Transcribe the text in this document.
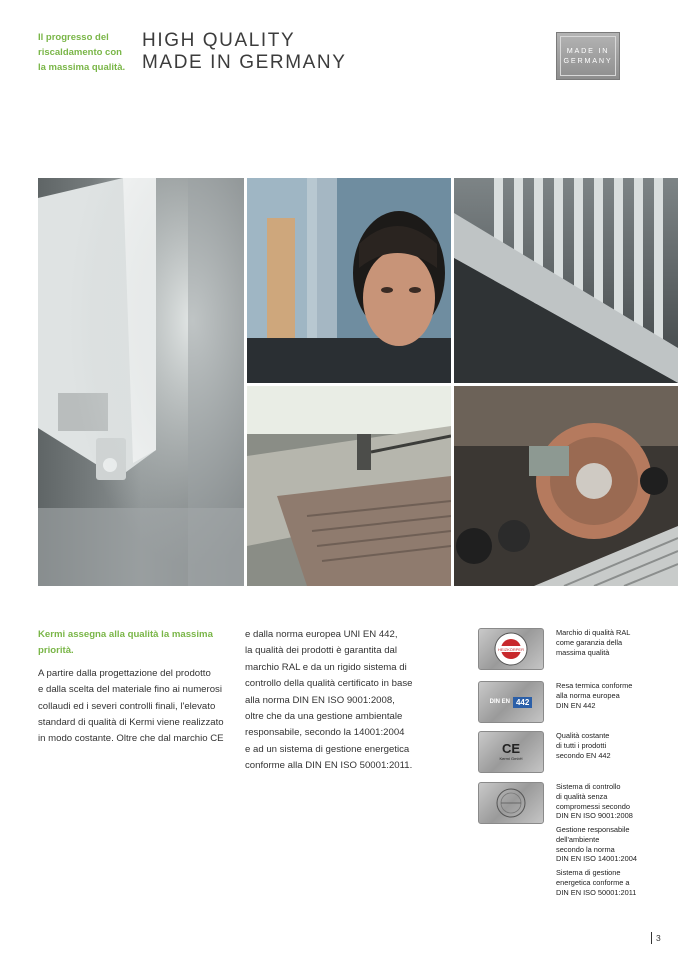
Il progresso del
riscaldamento con
la massima qualità.
HIGH QUALITY
MADE IN GERMANY
MADE IN
GERMANY
Kermi assegna alla qualità la massima priorità.
A partire dalla progettazione del prodotto
e dalla scelta del materiale fino ai numerosi
collaudi ed i severi controlli finali, l'elevato
standard di qualità di Kermi viene realizzato
in modo costante. Oltre che dal marchio CE
e dalla norma europea UNI EN 442,
la qualità dei prodotti è garantita dal
marchio RAL e da un rigido sistema di
controllo della qualità certificato in base
alla norma DIN EN ISO 9001:2008,
oltre che da una gestione ambientale
responsabile, secondo la 14001:2004
e ad un sistema di gestione energetica
conforme alla DIN EN ISO 50001:2011.
HEIZKÖRPER
Marchio di qualità RAL
come garanzia della
massima qualità
DIN EN 442
Resa termica conforme
alla norma europea
DIN EN 442
CE
Kermi GmbH
Qualità costante
di tutti i prodotti
secondo EN 442
Sistema di controllo
di qualità senza
compromessi secondo
DIN EN ISO 9001:2008
Gestione responsabile
dell'ambiente
secondo la norma
DIN EN ISO 14001:2004
Sistema di gestione
energetica conforme a
DIN EN ISO 50001:2011
3
